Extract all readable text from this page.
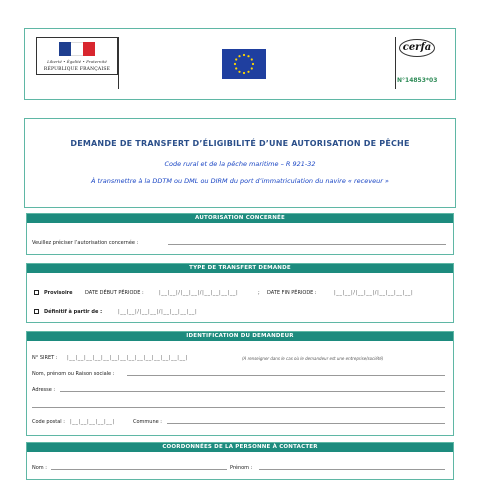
Liberté • Égalité • Fraternité
RÉPUBLIQUE FRANÇAISE
cerfa
N°14853*03
DEMANDE DE TRANSFERT D’ÉLIGIBILITÉ D’UNE AUTORISATION DE PÊCHE
Code rural et de la pêche maritime – R 921-32
À transmettre à la DDTM ou DML ou DIRM du port d’immatriculation du navire « receveur »
AUTORISATION CONCERNÉE
Veuillez préciser l’autorisation concernée :
TYPE DE TRANSFERT DEMANDE
Provisoire DATE DÉBUT PÉRIODE :	|__|__|/|__|__|/|__|__|__|__|	; DATE FIN PÉRIODE :	|__|__|/|__|__|/|__|__|__|__|
Définitif à partir de :	|__|__|/|__|__|/|__|__|__|__|
IDENTIFICATION DU DEMANDEUR
N° SIRET : |__|__|__|__|__|__|__|__|__|__|__|__|__|__|	(A renseigner dans le cas où le demandeur est une entreprise/société)
Nom, prénom ou Raison sociale :
Adresse :
Code postal : |__|__|__|__|__|	Commune :
COORDONNÉES DE LA PERSONNE À CONTACTER
Nom :	Prénom :
